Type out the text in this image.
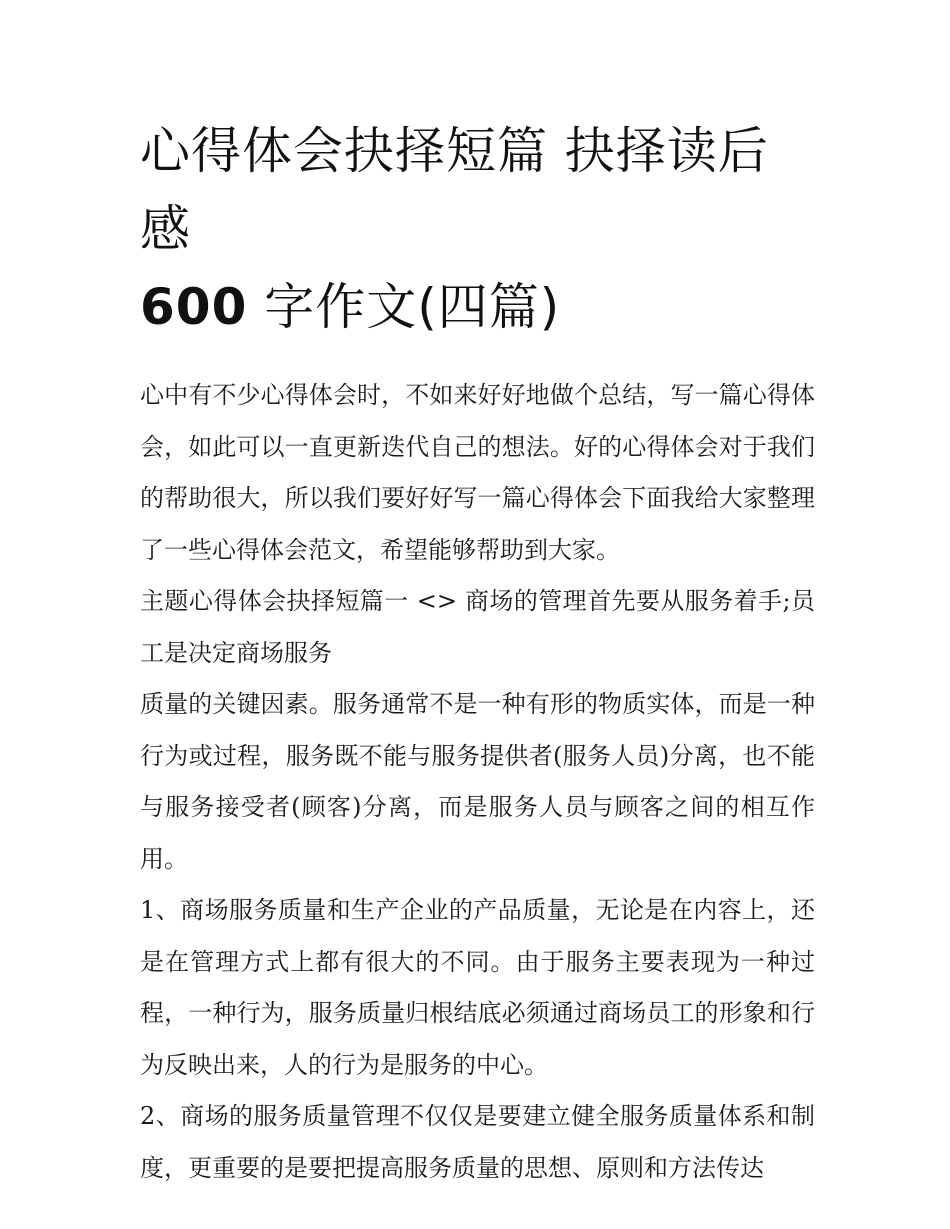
心得体会抉择短篇 抉择读后感
600 字作文(四篇)

心中有不少心得体会时，不如来好好地做个总结，写一篇心得体会，如此可以一直更新迭代自己的想法。好的心得体会对于我们的帮助很大，所以我们要好好写一篇心得体会下面我给大家整理了一些心得体会范文，希望能够帮助到大家。

主题心得体会抉择短篇一 <> 商场的管理首先要从服务着手;员工是决定商场服务

质量的关键因素。服务通常不是一种有形的物质实体，而是一种行为或过程，服务既不能与服务提供者(服务人员)分离，也不能与服务接受者(顾客)分离，而是服务人员与顾客之间的相互作用。

1、商场服务质量和生产企业的产品质量，无论是在内容上，还是在管理方式上都有很大的不同。由于服务主要表现为一种过程，一种行为，服务质量归根结底必须通过商场员工的形象和行为反映出来，人的行为是服务的中心。

2、商场的服务质量管理不仅仅是要建立健全服务质量体系和制度，更重要的是要把提高服务质量的思想、原则和方法传达
